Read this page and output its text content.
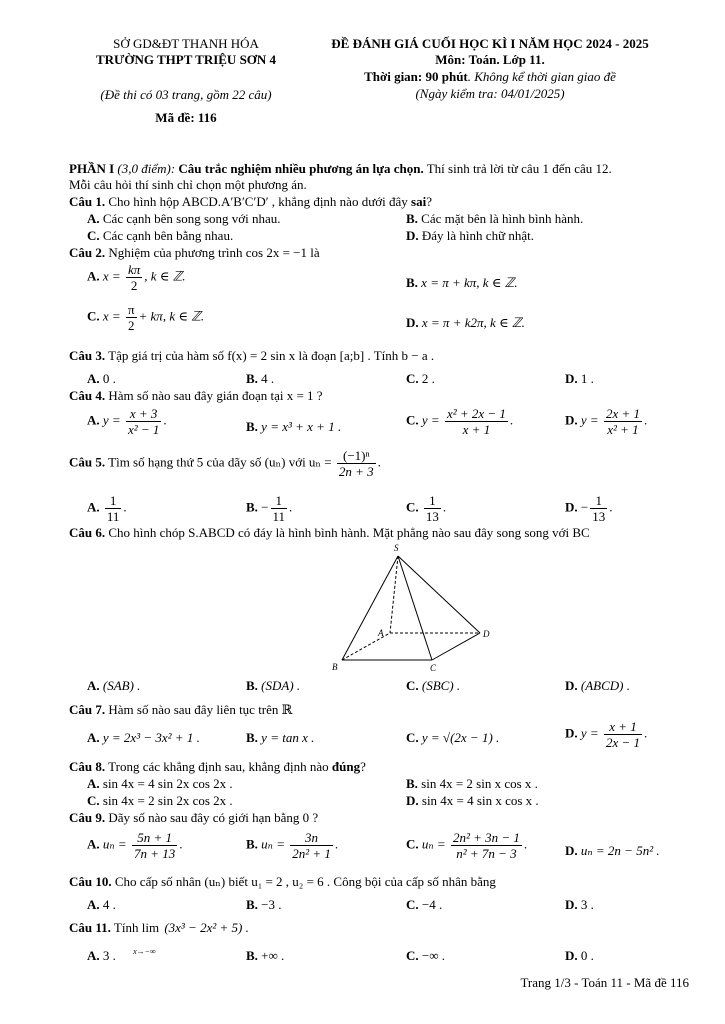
SỞ GD&ĐT THANH HÓA
TRƯỜNG THPT TRIỆU SƠN 4
(Đề thi có 03 trang, gồm 22 câu)
Mã đề: 116
ĐỀ ĐÁNH GIÁ CUỐI HỌC KÌ I NĂM HỌC 2024 - 2025
Môn: Toán. Lớp 11.
Thời gian: 90 phút. Không kể thời gian giao đề
(Ngày kiểm tra: 04/01/2025)
PHẦN I (3,0 điểm): Câu trắc nghiệm nhiều phương án lựa chọn. Thí sinh trả lời từ câu 1 đến câu 12.
Mỗi câu hỏi thí sinh chỉ chọn một phương án.
Câu 1. Cho hình hộp ABCD.A′B′C′D′ , khẳng định nào dưới đây sai?
A. Các cạnh bên song song với nhau.	B. Các mặt bên là hình bình hành.
C. Các cạnh bên bằng nhau.	D. Đáy là hình chữ nhật.
Câu 2. Nghiệm của phương trình cos 2x = −1 là
A. $x = \frac{k\pi}{2}$ , k ∈ ℤ.	B. x = π + kπ, k ∈ ℤ.
C. $x = \frac{\pi}{2} + k\pi$, k ∈ ℤ.	D. x = π + k2π, k ∈ ℤ.
Câu 3. Tập giá trị của hàm số f(x) = 2 sin x là đoạn [a;b] . Tính b − a .
A. 0 .	B. 4 .	C. 2 .	D. 1 .
Câu 4. Hàm số nào sau đây gián đoạn tại x = 1 ?
A. $y = \frac{x + 3}{\text{x² − 1}}$ .	B. y = x³ + x + 1 .	C. $y = \frac{\text{x² + 2x − 1}}{x + 1}$ .	D. $y = \frac{2x + 1}{\text{x² + 1}}$ .
Câu 5. Tìm số hạng thứ 5 của dãy số (uₙ) với $u_n = \frac{\text{(−1)ⁿ}}{2n + 3}$ .
A. $\frac{1}{11}$ .	B. − $\frac{1}{11}$ .	C. $\frac{1}{13}$ .	D. − $\frac{1}{13}$ .
Câu 6. Cho hình chóp S.ABCD có đáy là hình bình hành. Mặt phẳng nào sau đây song song với BC
S
A
B	C
D
A. (SAB) .	B. (SDA) .	C. (SBC) .	D. (ABCD) .
Câu 7. Hàm số nào sau đây liên tục trên ℝ
A. y = 2x³ − 3x² + 1 .	B. y = tan x .	C. y = √(2x − 1) .	D. $y = \frac{x + 1}{2x - 1}$ .
Câu 8. Trong các khẳng định sau, khẳng định nào đúng?
A. sin 4x = 4 sin 2x cos 2x .	B. sin 4x = 2 sin x cos x .
C. sin 4x = 2 sin 2x cos 2x .	D. sin 4x = 4 sin x cos x .
Câu 9. Dãy số nào sau đây có giới hạn bằng 0 ?
A. $u_n = \frac{5n + 1}{7n + 13}$ .	B. $u_n = \frac{3n}{\text{2n² + 1}}$ .	C. $u_n = \frac{\text{2n² + 3n − 1}}{\text{n² + 7n − 3}}$ .	D. uₙ = 2n − 5n² .
Câu 10. Cho cấp số nhân (uₙ) biết u₁ = 2 , u₂ = 6 . Công bội của cấp số nhân bằng
A. 4 .	B. −3 .	C. −4 .	D. 3 .
Câu 11. Tính lim
x→−∞
(3x³ − 2x² + 5) .
A. 3 .	B. +∞ .	C. −∞ .	D. 0 .
Trang 1/3 - Toán 11 - Mã đề 116
